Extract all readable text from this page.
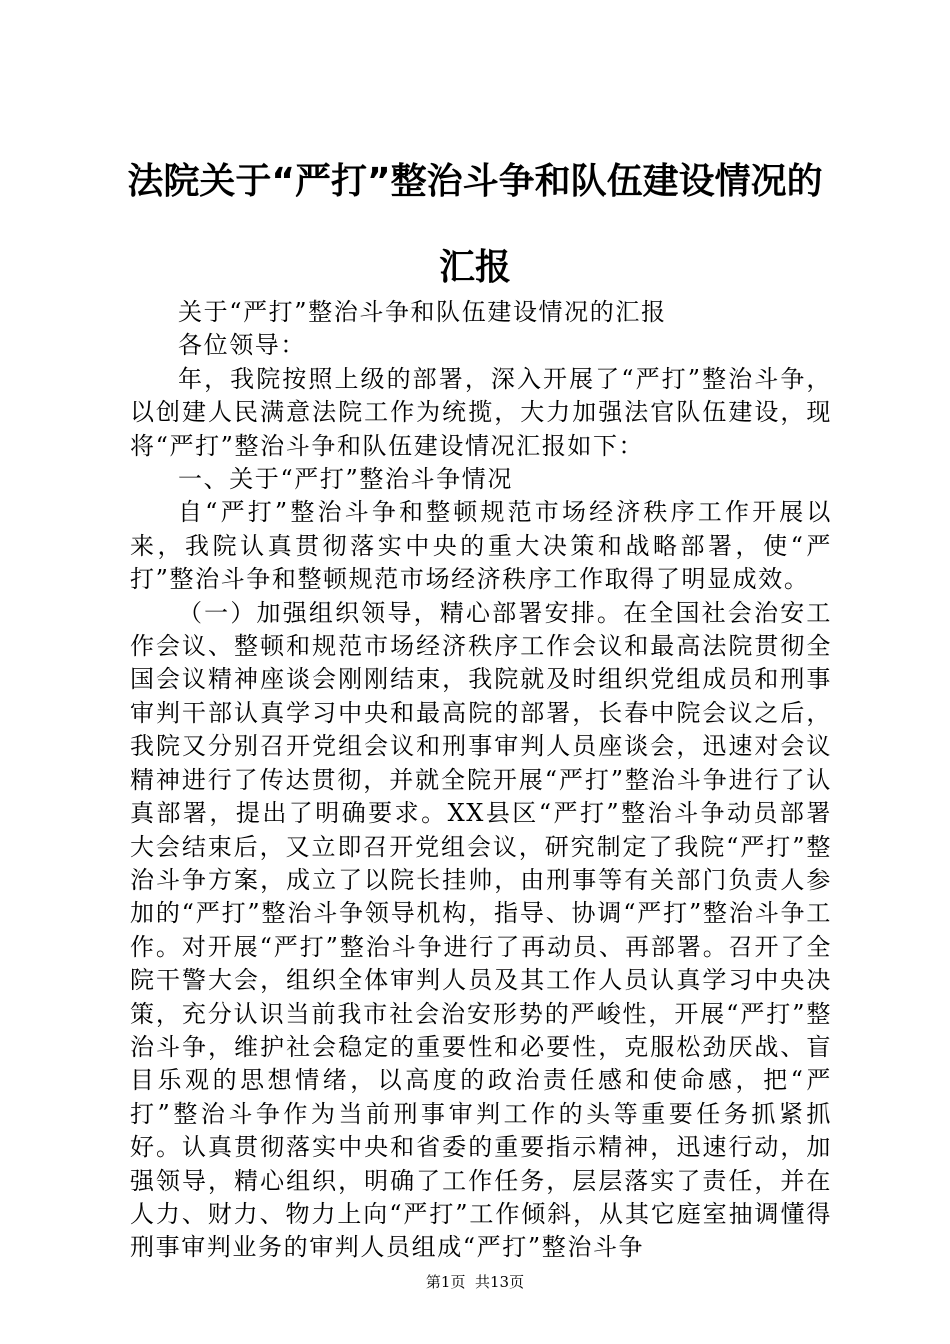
法院关于“严打”整治斗争和队伍建设情况的
汇报

关于“严打”整治斗争和队伍建设情况的汇报

各位领导：

年，我院按照上级的部署，深入开展了“严打”整治斗争，以创建人民满意法院工作为统揽，大力加强法官队伍建设，现将“严打”整治斗争和队伍建设情况汇报如下：

一、关于“严打”整治斗争情况

自“严打”整治斗争和整顿规范市场经济秩序工作开展以来，我院认真贯彻落实中央的重大决策和战略部署，使“严打”整治斗争和整顿规范市场经济秩序工作取得了明显成效。

（一）加强组织领导，精心部署安排。在全国社会治安工作会议、整顿和规范市场经济秩序工作会议和最高法院贯彻全国会议精神座谈会刚刚结束，我院就及时组织党组成员和刑事审判干部认真学习中央和最高院的部署，长春中院会议之后，我院又分别召开党组会议和刑事审判人员座谈会，迅速对会议精神进行了传达贯彻，并就全院开展“严打”整治斗争进行了认真部署，提出了明确要求。XX县区“严打”整治斗争动员部署大会结束后，又立即召开党组会议，研究制定了我院“严打”整治斗争方案，成立了以院长挂帅，由刑事等有关部门负责人参加的“严打”整治斗争领导机构，指导、协调“严打”整治斗争工作。对开展“严打”整治斗争进行了再动员、再部署。召开了全院干警大会，组织全体审判人员及其工作人员认真学习中央决策，充分认识当前我市社会治安形势的严峻性，开展“严打”整治斗争，维护社会稳定的重要性和必要性，克服松劲厌战、盲目乐观的思想情绪，以高度的政治责任感和使命感，把“严打”整治斗争作为当前刑事审判工作的头等重要任务抓紧抓好。认真贯彻落实中央和省委的重要指示精神，迅速行动，加强领导，精心组织，明确了工作任务，层层落实了责任，并在人力、财力、物力上向“严打”工作倾斜，从其它庭室抽调懂得刑事审判业务的审判人员组成“严打”整治斗争

第1页  共13页
